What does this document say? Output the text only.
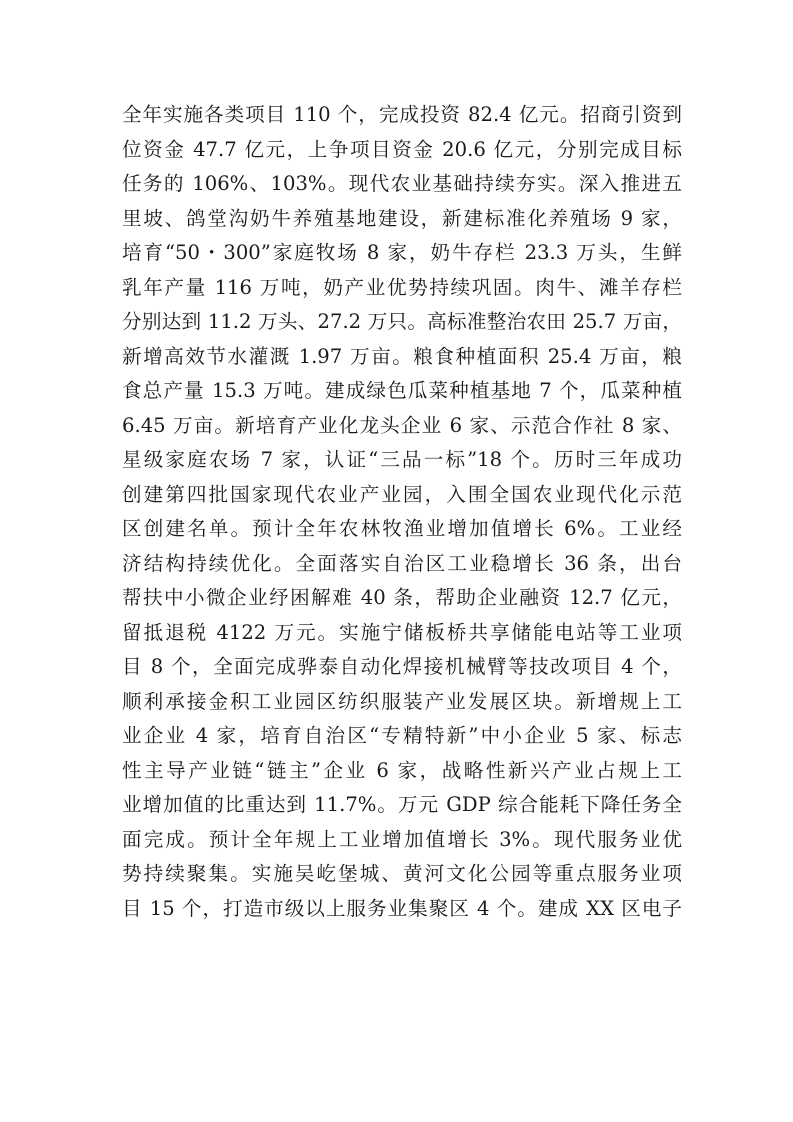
全年实施各类项目 110 个，完成投资 82.4 亿元。招商引资到
位资金 47.7 亿元，上争项目资金 20.6 亿元，分别完成目标
任务的 106%、103%。现代农业基础持续夯实。深入推进五
里坡、鸽堂沟奶牛养殖基地建设，新建标准化养殖场 9 家，
培育“50・300”家庭牧场 8 家，奶牛存栏 23.3 万头，生鲜
乳年产量 116 万吨，奶产业优势持续巩固。肉牛、滩羊存栏
分别达到 11.2 万头、27.2 万只。高标准整治农田 25.7 万亩，
新增高效节水灌溉 1.97 万亩。粮食种植面积 25.4 万亩，粮
食总产量 15.3 万吨。建成绿色瓜菜种植基地 7 个，瓜菜种植
6.45 万亩。新培育产业化龙头企业 6 家、示范合作社 8 家、
星级家庭农场 7 家，认证“三品一标”18 个。历时三年成功
创建第四批国家现代农业产业园，入围全国农业现代化示范
区创建名单。预计全年农林牧渔业增加值增长 6%。工业经
济结构持续优化。全面落实自治区工业稳增长 36 条，出台
帮扶中小微企业纾困解难 40 条，帮助企业融资 12.7 亿元，
留抵退税 4122 万元。实施宁储板桥共享储能电站等工业项
目 8 个，全面完成骅泰自动化焊接机械臂等技改项目 4 个，
顺利承接金积工业园区纺织服装产业发展区块。新增规上工
业企业 4 家，培育自治区“专精特新”中小企业 5 家、标志
性主导产业链“链主”企业 6 家，战略性新兴产业占规上工
业增加值的比重达到 11.7%。万元 GDP 综合能耗下降任务全
面完成。预计全年规上工业增加值增长 3%。现代服务业优
势持续聚集。实施吴屹堡城、黄河文化公园等重点服务业项
目 15 个，打造市级以上服务业集聚区 4 个。建成 XX 区电子
